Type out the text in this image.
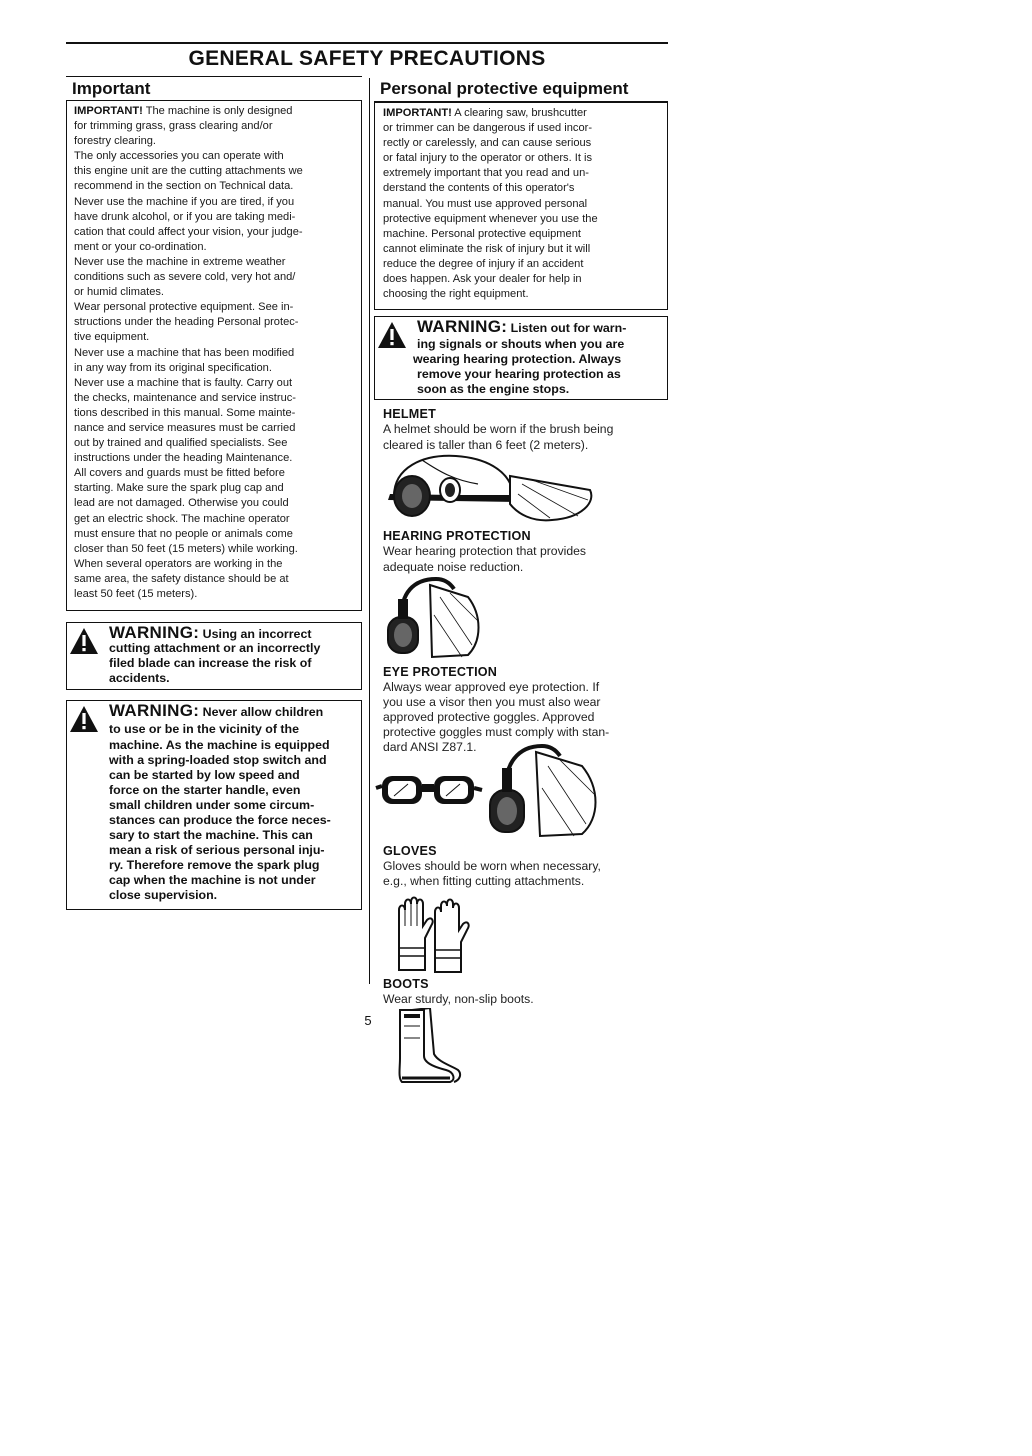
GENERAL SAFETY PRECAUTIONS
Important

IMPORTANT! The machine is only designed

for trimming grass, grass clearing and/or

forestry clearing.

The only accessories you can operate with

this engine unit are the cutting attachments we

recommend in the section on Technical data.

Never use the machine if you are tired, if you

have drunk alcohol, or if you are taking medi-

cation that could affect your vision, your judge-

ment or your co-ordination.

Never use the machine in extreme weather

conditions such as severe cold, very hot and/

or humid climates.

Wear personal protective equipment. See in-

structions under the heading Personal protec-

tive equipment.

Never use a machine that has been modified

in any way from its original specification.

Never use a machine that is faulty. Carry out

the checks, maintenance and service instruc-

tions described in this manual. Some mainte-

nance and service measures must be carried

out by trained and qualified specialists. See

instructions under the heading Maintenance.

All covers and guards must be fitted before

starting. Make sure the spark plug cap and

lead are not damaged. Otherwise you could

get an electric shock. The machine operator

must ensure that no people or animals come

closer than 50 feet (15 meters) while working.

When several operators are working in the

same area, the safety distance should be at

least 50 feet (15 meters).

WARNING: Using an incorrect
cutting attachment or an incorrectly
filed blade can increase the risk of
accidents.
WARNING: Never allow children
to use or be in the vicinity of the
machine. As the machine is equipped
with a spring-loaded stop switch and
can be started by low speed and
force on the starter handle, even
small children under some circum-
stances can produce the force neces-
sary to start the machine. This can
mean a risk of serious personal inju-
ry. Therefore remove the spark plug
cap when the machine is not under
close supervision.
Personal protective equipment

IMPORTANT! A clearing saw, brushcutter

or trimmer can be dangerous if used incor-

rectly or carelessly, and can cause serious

or fatal injury to the operator or others. It is

extremely important that you read and un-

derstand the contents of this operator's

manual. You must use approved personal

protective equipment whenever you use the

machine. Personal protective equipment

cannot eliminate the risk of injury but it will

reduce the degree of injury if an accident

does happen. Ask your dealer for help in

choosing the right equipment.

WARNING: Listen out for warn-
ing signals or shouts when you are
wearing hearing protection. Always
remove your hearing protection as
soon as the engine stops.
HELMET
A helmet should be worn if the brush being
cleared is taller than 6 feet (2 meters).
HEARING PROTECTION
Wear hearing protection that provides
adequate noise reduction.
EYE PROTECTION
Always wear approved eye protection. If
you use a visor then you must also wear
approved protective goggles. Approved
protective goggles must comply with stan-
dard ANSI Z87.1.
GLOVES
Gloves should be worn when necessary,
e.g., when fitting cutting attachments.
BOOTS
Wear sturdy, non-slip boots.
5
